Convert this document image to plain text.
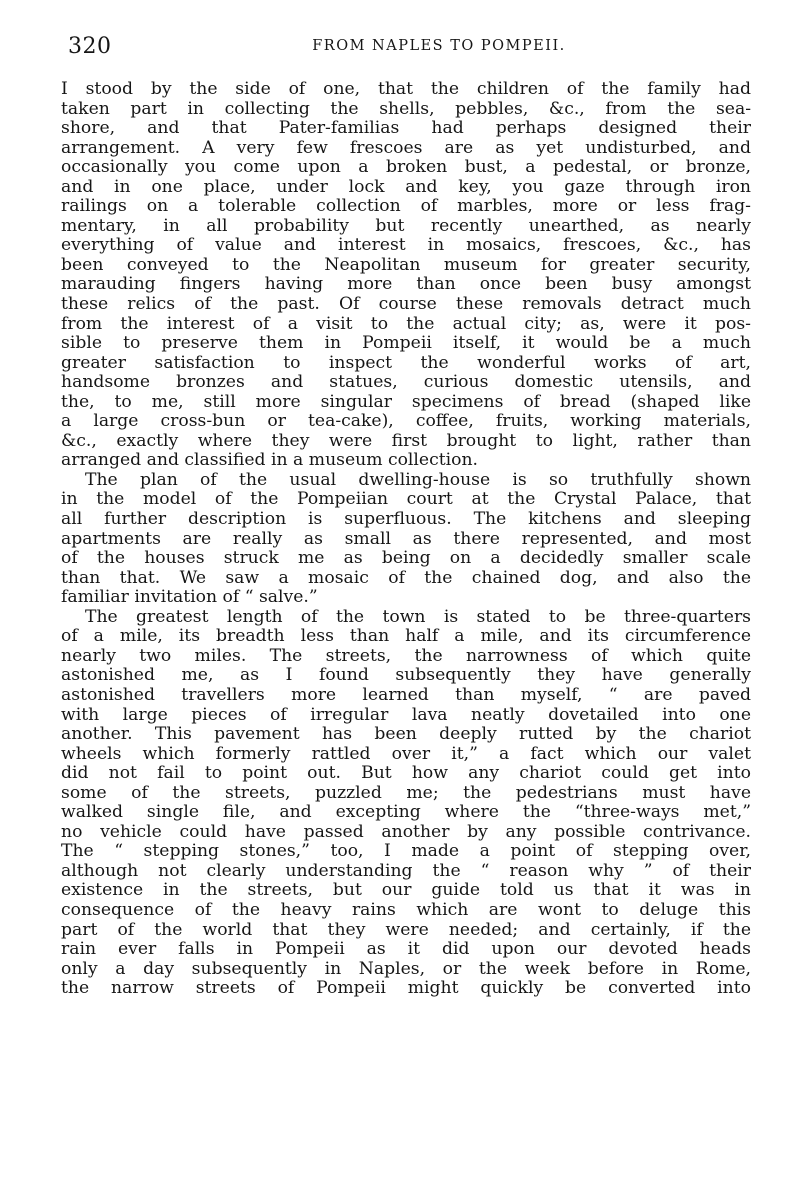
320	FROM NAPLES TO POMPEII.
I stood by the side of one, that the children of the family had
taken part in collecting the shells, pebbles, &c., from the sea-
shore, and that Pater-familias had perhaps designed their
arrangement. A very few frescoes are as yet undisturbed, and
occasionally you come upon a broken bust, a pedestal, or bronze,
and in one place, under lock and key, you gaze through iron
railings on a tolerable collection of marbles, more or less frag-
mentary, in all probability but recently unearthed, as nearly
everything of value and interest in mosaics, frescoes, &c., has
been conveyed to the Neapolitan museum for greater security,
marauding fingers having more than once been busy amongst
these relics of the past. Of course these removals detract much
from the interest of a visit to the actual city; as, were it pos-
sible to preserve them in Pompeii itself, it would be a much
greater satisfaction to inspect the wonderful works of art,
handsome bronzes and statues, curious domestic utensils, and
the, to me, still more singular specimens of bread (shaped like
a large cross-bun or tea-cake), coffee, fruits, working materials,
&c., exactly where they were first brought to light, rather than
arranged and classified in a museum collection.
The plan of the usual dwelling-house is so truthfully shown
in the model of the Pompeiian court at the Crystal Palace, that
all further description is superfluous. The kitchens and sleeping
apartments are really as small as there represented, and most
of the houses struck me as being on a decidedly smaller scale
than that. We saw a mosaic of the chained dog, and also the
familiar invitation of “ salve.”
The greatest length of the town is stated to be three-quarters
of a mile, its breadth less than half a mile, and its circumference
nearly two miles. The streets, the narrowness of which quite
astonished me, as I found subsequently they have generally
astonished travellers more learned than myself, “ are paved
with large pieces of irregular lava neatly dovetailed into one
another. This pavement has been deeply rutted by the chariot
wheels which formerly rattled over it,” a fact which our valet
did not fail to point out. But how any chariot could get into
some of the streets, puzzled me; the pedestrians must have
walked single file, and excepting where the “three-ways met,”
no vehicle could have passed another by any possible contrivance.
The “ stepping stones,” too, I made a point of stepping over,
although not clearly understanding the “ reason why ” of their
existence in the streets, but our guide told us that it was in
consequence of the heavy rains which are wont to deluge this
part of the world that they were needed; and certainly, if the
rain ever falls in Pompeii as it did upon our devoted heads
only a day subsequently in Naples, or the week before in Rome,
the narrow streets of Pompeii might quickly be converted into
